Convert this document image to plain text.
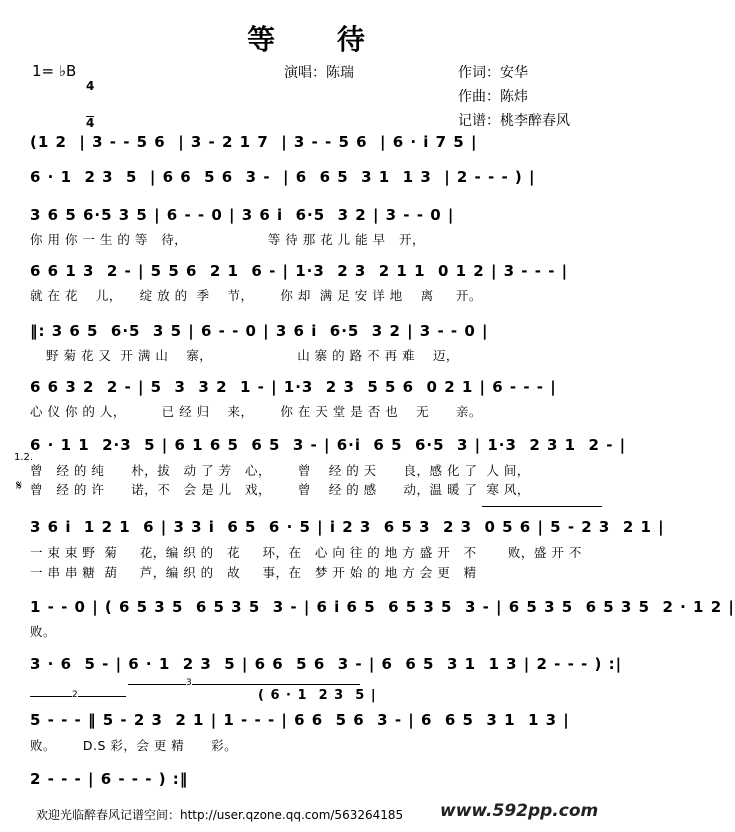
等 待
1= ♭B

4

4

演唱：陈瑞	作词：安华
作曲：陈炜
记谱：桃李醉春风
(1 2  | 3 - - 5 6  | 3 - 2 1 7  | 3 - - 5 6  | 6 · i 7 5 |
6 · 1  2 3  5  | 6 6  5 6  3 -  | 6  6 5  3 1  1 3  | 2 - - - ) |
3 6 5 6·5 3 5 | 6 - - 0 | 3 6 i  6·5  3 2 | 3 - - 0 |
你 用 你 一 生 的 等   待，                  等 待 那 花 儿 能 早   开，
6 6 1 3  2 - | 5 5 6  2 1  6 - | 1·3  2 3  2 1 1  0 1 2 | 3 - - - |
就 在 花    儿，    绽 放 的  季    节，      你 却  满 足 安 详 地    离     开。
‖: 3 6 5  6·5  3 5 | 6 - - 0 | 3 6 i  6·5  3 2 | 3 - - 0 |
野 菊 花 又  开 满 山    寨，                   山 寨 的 路 不 再 难    迈，
6 6 3 2  2 - | 5  3  3 2  1 - | 1·3  2 3  5 5 6  0 2 1 | 6 - - - |
心 仪 你 的 人，        已 经 归    来，      你 在 天 堂 是 否 也    无      亲。
6 · 1 1  2·3  5 | 6 1 6 5  6 5  3 - | 6·i  6 5  6·5  3 | 1·3  2 3 1  2 - |
1.2.
曾   经 的 纯      朴，拔   动 了 芳   心，      曾    经 的 天      良，感 化 了  人 间，
𝄋 曾   经 的 许      诺，不   会 是 儿   戏，      曾    经 的 感      动，温 暖 了  寒 风，
3 6 i  1 2 1  6 | 3 3 i  6 5  6 · 5 | i 2 3  6 5 3  2 3  0 5 6 | 5 - 2 3  2 1 |
一 束 束 野  菊     花，编 织 的   花     环，在   心 向 往 的 地 方 盛 开   不       败，盛 开 不
一 串 串 糖  葫     芦，编 织 的   故     事，在   梦 开 始 的 地 方 会 更   精
1 - - 0 | ( 6 5 3 5  6 5 3 5  3 - | 6 i 6 5  6 5 3 5  3 - | 6 5 3 5  6 5 3 5  2 · 1 2 |
败。
3 · 6  5 - | 6 · 1  2 3  5 | 6 6  5 6  3 - | 6  6 5  3 1  1 3 | 2 - - - ) :|
2
3
( 6 · 1  2 3  5 |
5 - - - ‖ 5 - 2 3  2 1 | 1 - - - | 6 6  5 6  3 - | 6  6 5  3 1  1 3 |
败。      D.S 彩，会 更 精      彩。
2 - - - | 6 - - - ) :‖
欢迎光临醉春风记谱空间：http://user.qzone.qq.com/563264185 www.592pp.com
